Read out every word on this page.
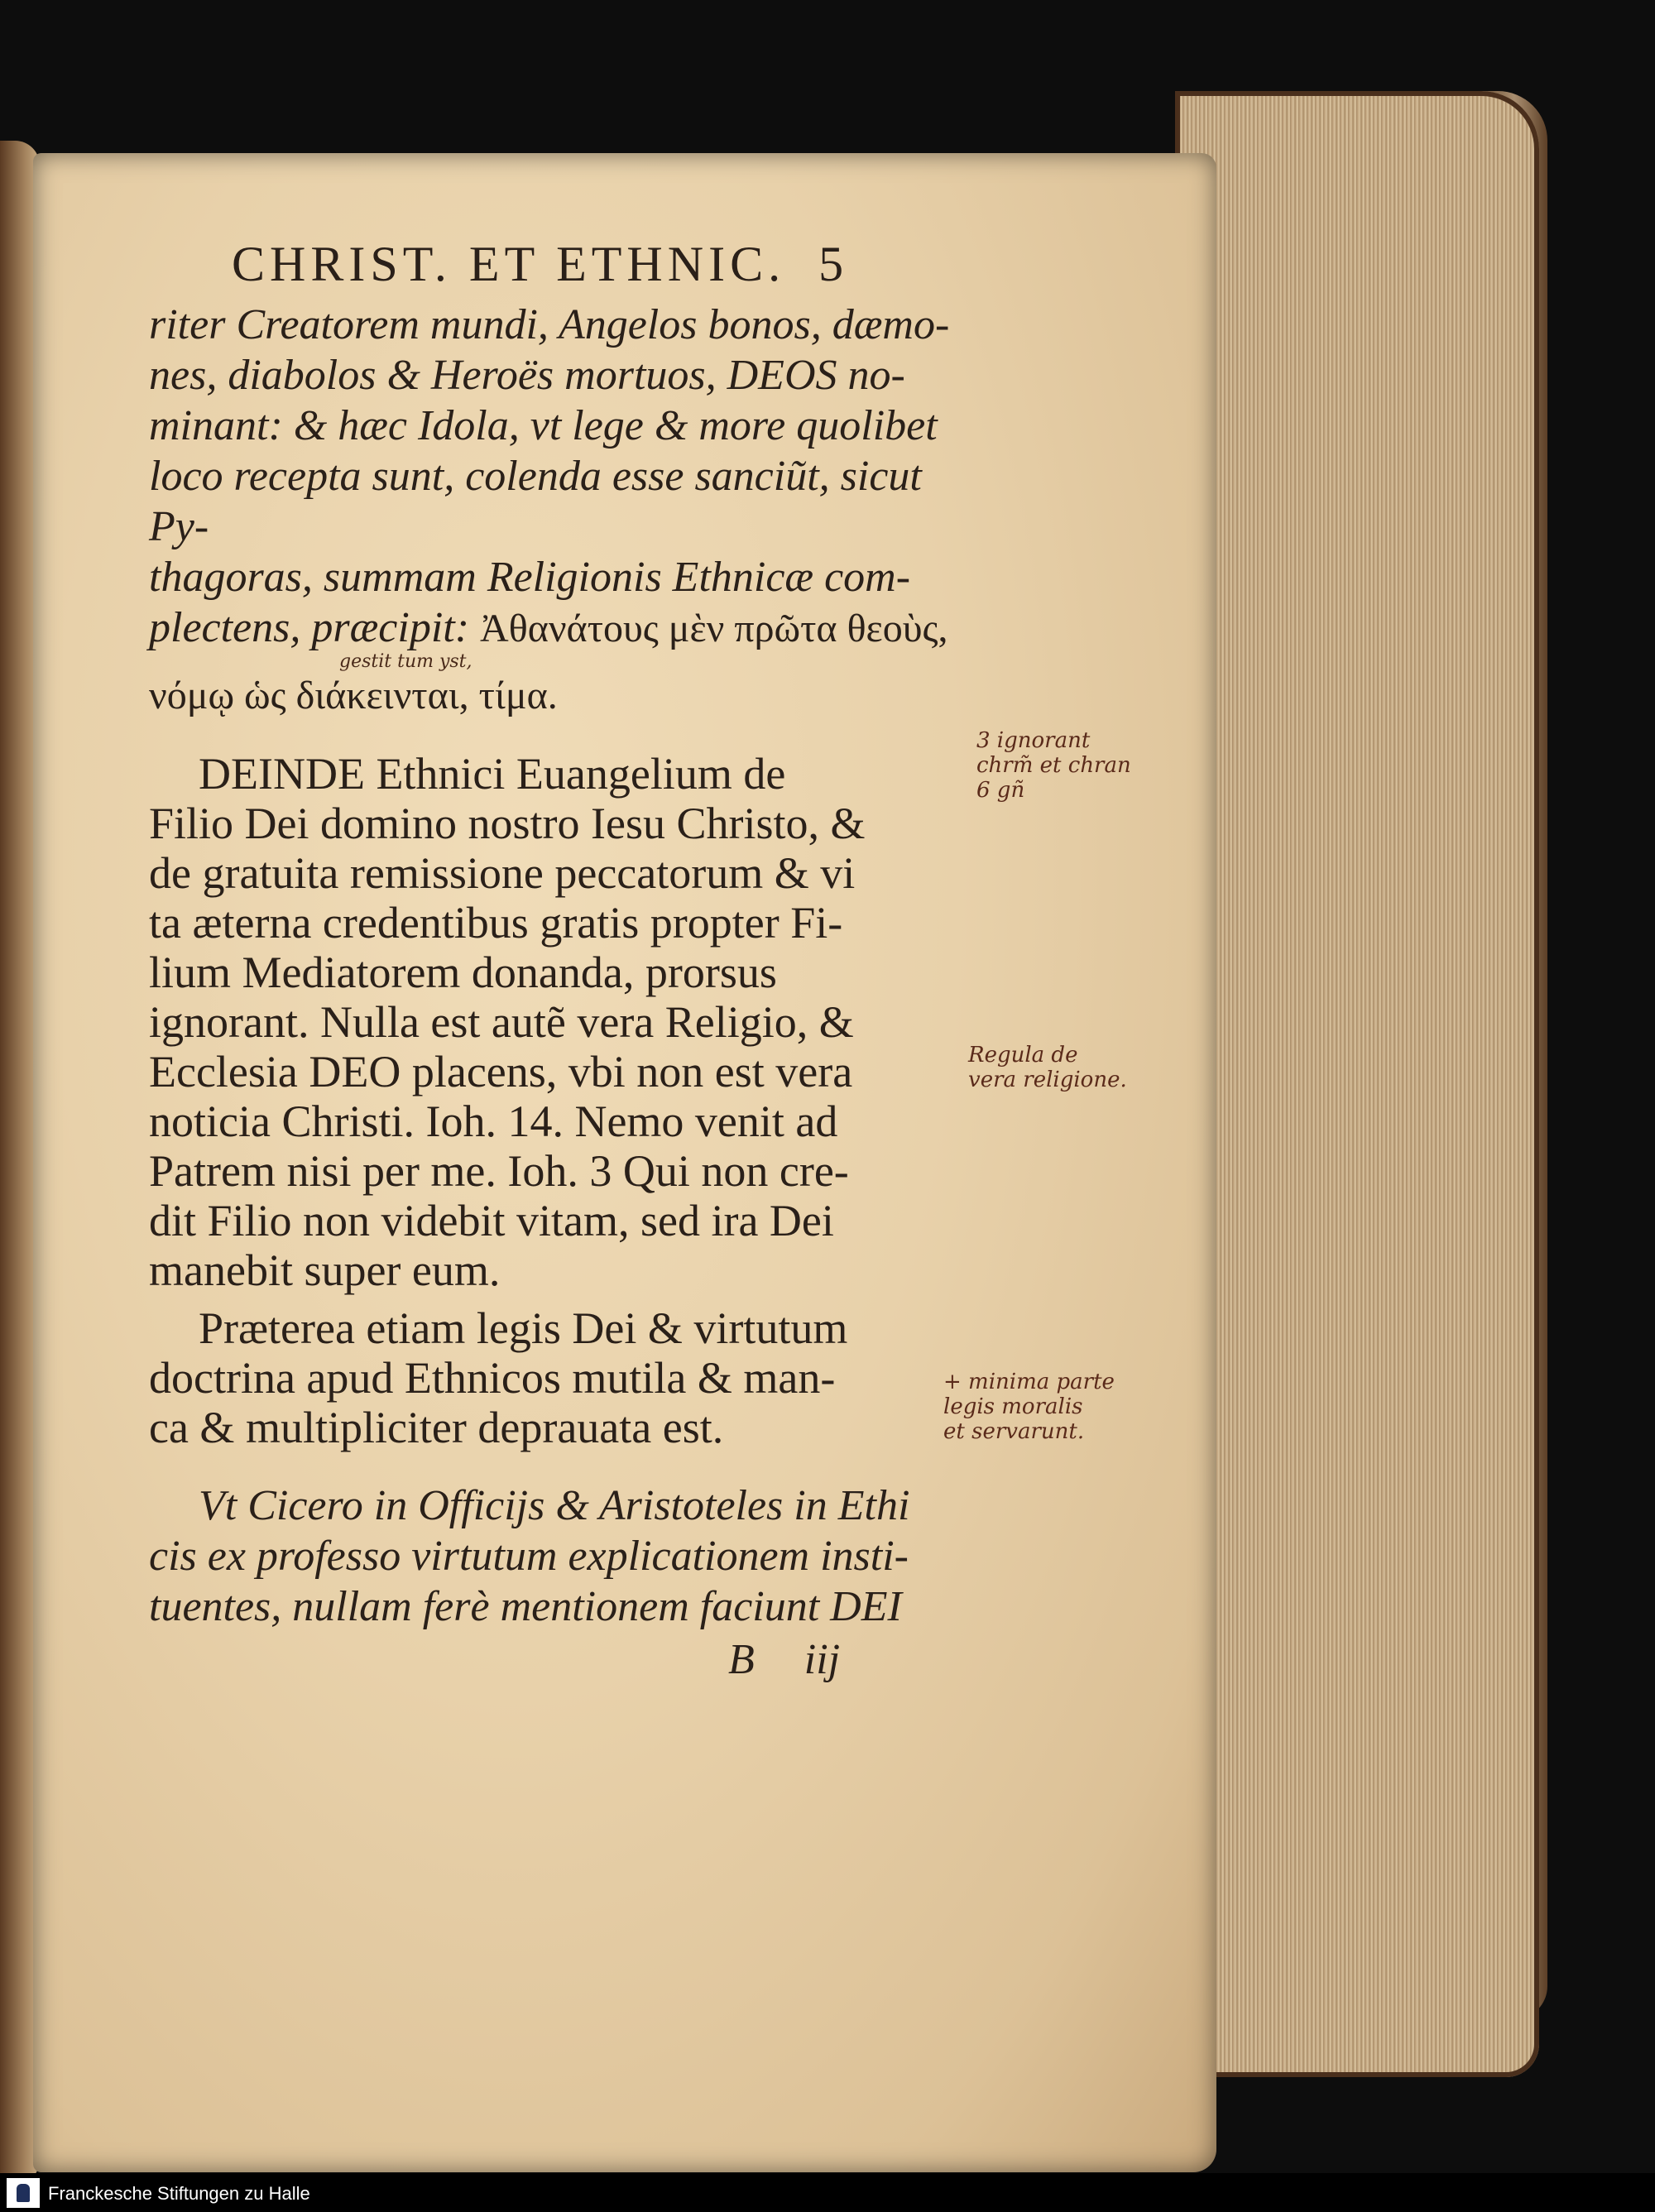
CHRIST. ET ETHNIC. 5
riter Creatorem mundi, Angelos bonos, dæmo-
nes, diabolos & Heroës mortuos, DEOS no-
minant: & hæc Idola, vt lege & more quolibet
loco recepta sunt, colenda esse sanciũt, sicut Py-
thagoras, summam Religionis Ethnicæ com-
plectens, præcipit: Ἀθανάτους μὲν πρῶτα θεοὺς,
gestit tum yst,
νόμῳ ὡς διάκεινται, τίμα.
DEINDE Ethnici Euangelium de
Filio Dei domino nostro Iesu Christo, &
de gratuita remissione peccatorum & vi
ta æterna credentibus gratis propter Fi-
lium Mediatorem donanda, prorsus
ignorant. Nulla est autẽ vera Religio, &
Ecclesia DEO placens, vbi non est vera
noticia Christi. Ioh. 14. Nemo venit ad
Patrem nisi per me. Ioh. 3 Qui non cre-
dit Filio non videbit vitam, sed ira Dei
manebit super eum.
Præterea etiam legis Dei & virtutum
doctrina apud Ethnicos mutila & man-
ca & multipliciter deprauata est.
Vt Cicero in Officijs & Aristoteles in Ethi
cis ex professo virtutum explicationem insti-
tuentes, nullam ferè mentionem faciunt DEI
B iij
3 ignorant
chrm̃ et chran
6 gñ
Regula de
vera religione.
+ minima parte
legis moralis
et servarunt.
Franckesche Stiftungen zu Halle
